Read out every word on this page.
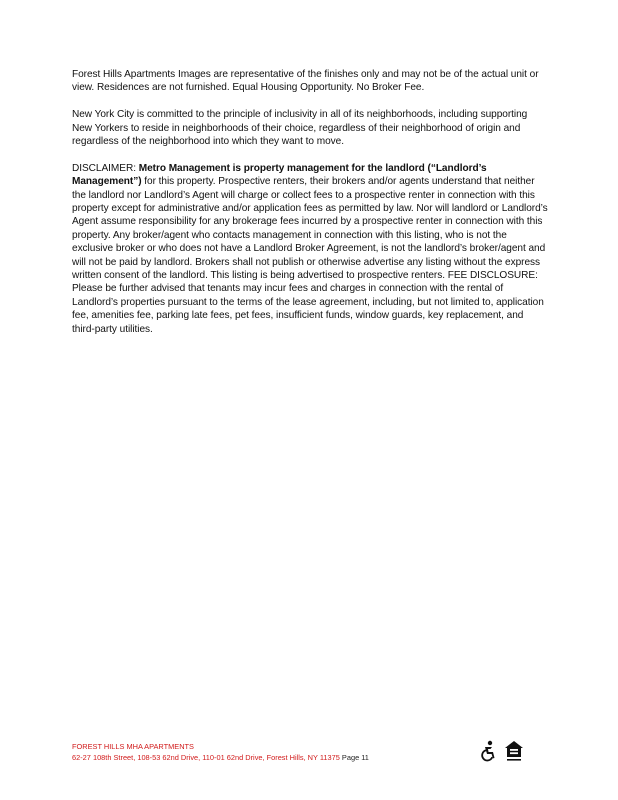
Forest Hills Apartments Images are representative of the finishes only and may not be of the actual unit or view. Residences are not furnished. Equal Housing Opportunity. No Broker Fee.

New York City is committed to the principle of inclusivity in all of its neighborhoods, including supporting New Yorkers to reside in neighborhoods of their choice, regardless of their neighborhood of origin and regardless of the neighborhood into which they want to move.

DISCLAIMER: Metro Management is property management for the landlord (“Landlord’s Management”) for this property. Prospective renters, their brokers and/or agents understand that neither the landlord nor Landlord’s Agent will charge or collect fees to a prospective renter in connection with this property except for administrative and/or application fees as permitted by law. Nor will landlord or Landlord’s Agent assume responsibility for any brokerage fees incurred by a prospective renter in connection with this property. Any broker/agent who contacts management in connection with this listing, who is not the exclusive broker or who does not have a Landlord Broker Agreement, is not the landlord’s broker/agent and will not be paid by landlord. Brokers shall not publish or otherwise advertise any listing without the express written consent of the landlord. This listing is being advertised to prospective renters. FEE DISCLOSURE: Please be further advised that tenants may incur fees and charges in connection with the rental of Landlord’s properties pursuant to the terms of the lease agreement, including, but not limited to, application fee, amenities fee, parking late fees, pet fees, insufficient funds, window guards, key replacement, and third-party utilities.

FOREST HILLS MHA APARTMENTS
62-27 108th Street, 108-53 62nd Drive, 110-01 62nd Drive, Forest Hills, NY 11375 Page 11
